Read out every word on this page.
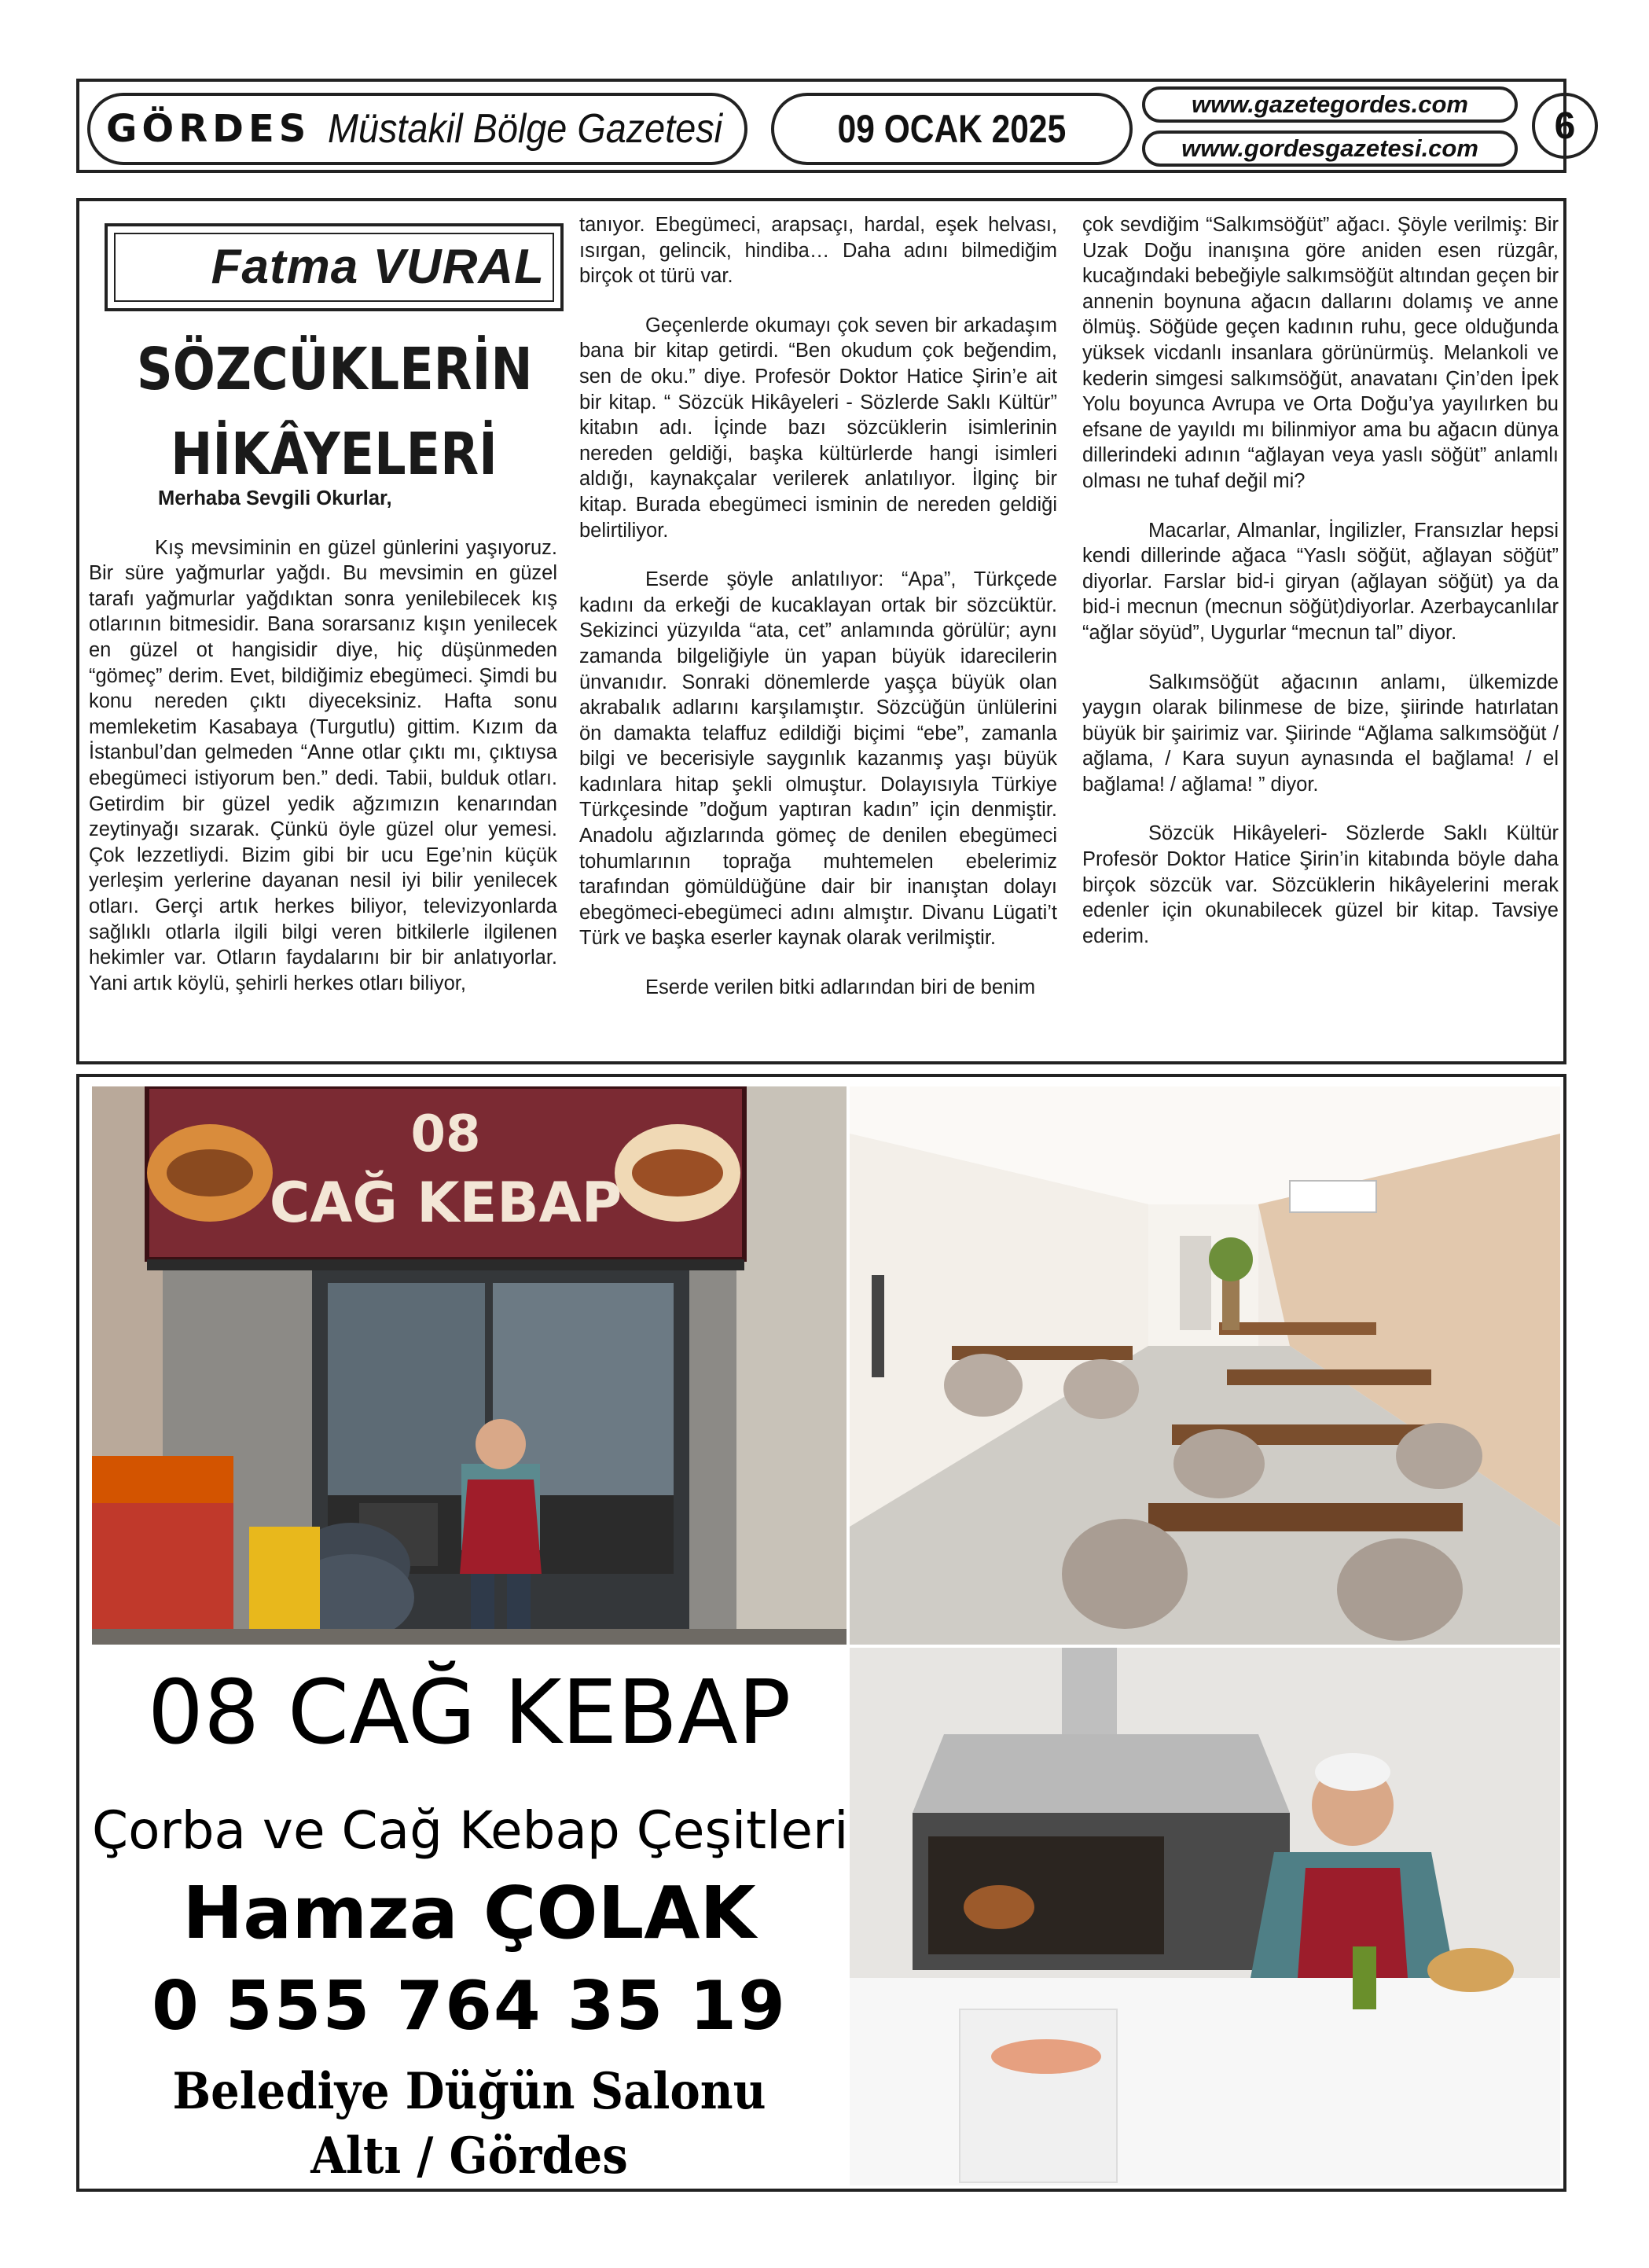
GÖRDES Müstakil Bölge Gazetesi	09 OCAK 2025
www.gazetegordes.com
www.gordesgazetesi.com
6
Fatma VURAL
SÖZCÜKLERİN
HİKÂYELERİ

Merhaba Sevgili Okurlar,

Kış mevsiminin en güzel günlerini yaşıyoruz. Bir süre yağmurlar yağdı. Bu mevsimin en güzel tarafı yağmurlar yağdıktan sonra yenilebilecek kış otlarının bitmesidir. Bana sorarsanız kışın yenilecek en güzel ot hangisidir diye, hiç düşünmeden “gömeç” derim. Evet, bildiğimiz ebegümeci. Şimdi bu konu nereden çıktı diyeceksiniz. Hafta sonu memleketim Kasabaya (Turgutlu) gittim. Kızım da İstanbul’dan gelmeden “Anne otlar çıktı mı, çıktıysa ebegümeci istiyorum ben.” dedi. Tabii, bulduk otları. Getirdim bir güzel yedik ağzımızın kenarından zeytinyağı sızarak. Çünkü öyle güzel olur yemesi. Çok lezzetliydi. Bizim gibi bir ucu Ege’nin küçük yerleşim yerlerine dayanan nesil iyi bilir yenilecek otları. Gerçi artık herkes biliyor, televizyonlarda sağlıklı otlarla ilgili bilgi veren bitkilerle ilgilenen hekimler var. Otların faydalarını bir bir anlatıyorlar. Yani artık köylü, şehirli herkes otları biliyor,

tanıyor. Ebegümeci, arapsaçı, hardal, eşek helvası, ısırgan, gelincik, hindiba… Daha adını bilmediğim birçok ot türü var.

Geçenlerde okumayı çok seven bir arkadaşım bana bir kitap getirdi. “Ben okudum çok beğendim, sen de oku.” diye. Profesör Doktor Hatice Şirin’e ait bir kitap. “ Sözcük Hikâyeleri - Sözlerde Saklı Kültür” kitabın adı. İçinde bazı sözcüklerin isimlerinin nereden geldiği, başka kültürlerde hangi isimleri aldığı, kaynakçalar verilerek anlatılıyor. İlginç bir kitap. Burada ebegümeci isminin de nereden geldiği belirtiliyor.

Eserde şöyle anlatılıyor: “Apa”, Türkçede kadını da erkeği de kucaklayan ortak bir sözcüktür. Sekizinci yüzyılda “ata, cet” anlamında görülür; aynı zamanda bilgeliğiyle ün yapan büyük idarecilerin ünvanıdır. Sonraki dönemlerde yaşça büyük olan akrabalık adlarını karşılamıştır. Sözcüğün ünlülerini ön damakta telaffuz edildiği biçimi “ebe”, zamanla bilgi ve becerisiyle saygınlık kazanmış yaşı büyük kadınlara hitap şekli olmuştur. Dolayısıyla Türkiye Türkçesinde ”doğum yaptıran kadın” için denmiştir. Anadolu ağızlarında gömeç de denilen ebegümeci tohumlarının toprağa muhtemelen ebelerimiz tarafından gömüldüğüne dair bir inanıştan dolayı ebegömeci-ebegümeci adını almıştır. Divanu Lügati’t Türk ve başka eserler kaynak olarak verilmiştir.

Eserde verilen bitki adlarından biri de benim

çok sevdiğim “Salkımsöğüt” ağacı. Şöyle verilmiş: Bir Uzak Doğu inanışına göre aniden esen rüzgâr, kucağındaki bebeğiyle salkımsöğüt altından geçen bir annenin boynuna ağacın dallarını dolamış ve anne ölmüş. Söğüde geçen kadının ruhu, gece olduğunda yüksek vicdanlı insanlara görünürmüş. Melankoli ve kederin simgesi salkımsöğüt, anavatanı Çin’den İpek Yolu boyunca Avrupa ve Orta Doğu’ya yayılırken bu efsane de yayıldı mı bilinmiyor ama bu ağacın dünya dillerindeki adının “ağlayan veya yaslı söğüt” anlamlı olması ne tuhaf değil mi?

Macarlar, Almanlar, İngilizler, Fransızlar hepsi kendi dillerinde ağaca “Yaslı söğüt, ağlayan söğüt” diyorlar. Farslar bid-i giryan (ağlayan söğüt) ya da bid-i mecnun (mecnun söğüt)diyorlar. Azerbaycanlılar “ağlar söyüd”, Uygurlar “mecnun tal” diyor.

Salkımsöğüt ağacının anlamı, ülkemizde yaygın olarak bilinmese de bize, şiirinde hatırlatan büyük bir şairimiz var. Şiirinde “Ağlama salkımsöğüt / ağlama, / Kara suyun aynasında el bağlama! / el bağlama! / ağlama! ” diyor.

Sözcük Hikâyeleri- Sözlerde Saklı Kültür Profesör Doktor Hatice Şirin’in kitabında böyle daha birçok sözcük var. Sözcüklerin hikâyelerini merak edenler için okunabilecek güzel bir kitap. Tavsiye ederim.

08
CAĞ KEBAP
08 CAĞ KEBAP
Çorba ve Cağ Kebap Çeşitleri
Hamza ÇOLAK
0 555 764 35 19
Belediye Düğün Salonu Altı / Gördes
